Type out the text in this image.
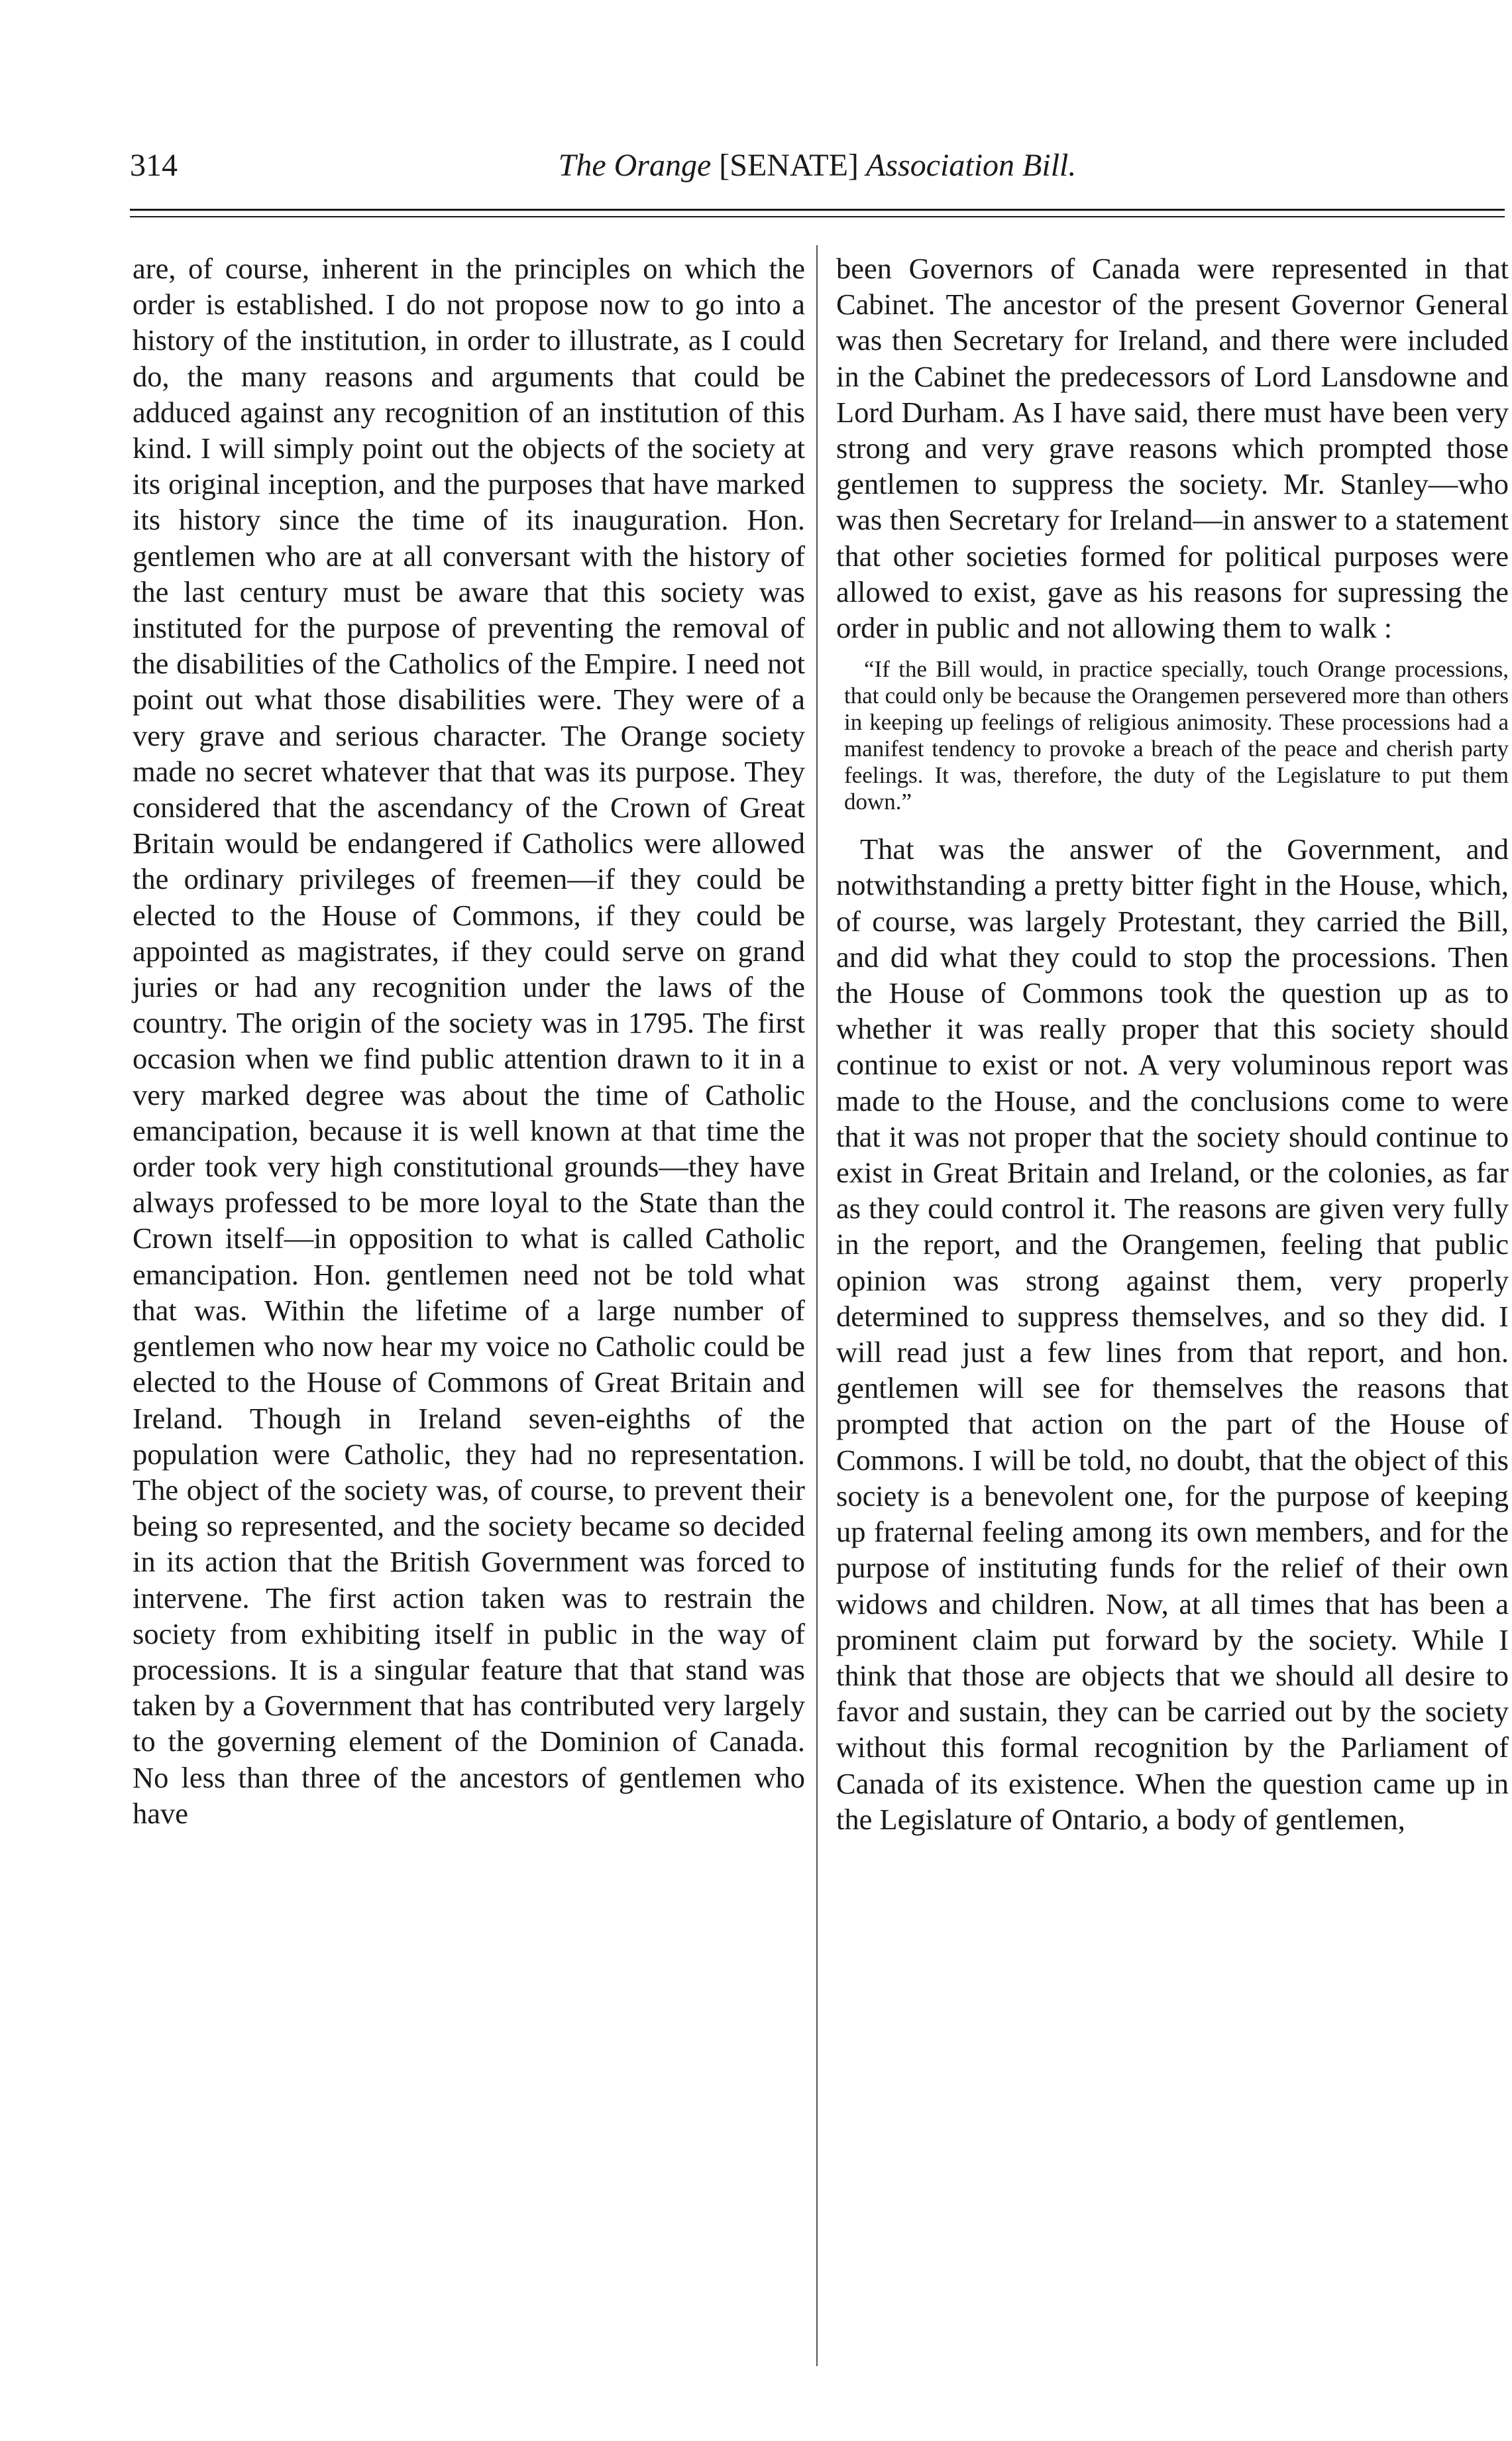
314	The Orange [SENATE] Association Bill.

are, of course, inherent in the principles on which the order is established. I do not propose now to go into a history of the institution, in order to illustrate, as I could do, the many reasons and arguments that could be adduced against any recognition of an institution of this kind. I will simply point out the objects of the society at its original inception, and the purposes that have marked its history since the time of its inauguration. Hon. gentlemen who are at all conversant with the history of the last century must be aware that this society was instituted for the purpose of preventing the removal of the disabilities of the Catholics of the Empire. I need not point out what those disabilities were. They were of a very grave and serious character. The Orange society made no secret whatever that that was its purpose. They considered that the ascendancy of the Crown of Great Britain would be endangered if Catholics were allowed the ordinary privileges of freemen—if they could be elected to the House of Commons, if they could be appointed as magistrates, if they could serve on grand juries or had any recognition under the laws of the country. The origin of the society was in 1795. The first occasion when we find public attention drawn to it in a very marked degree was about the time of Catholic emancipation, because it is well known at that time the order took very high constitutional grounds—they have always professed to be more loyal to the State than the Crown itself—in opposition to what is called Catholic emancipation. Hon. gentlemen need not be told what that was. Within the lifetime of a large number of gentlemen who now hear my voice no Catholic could be elected to the House of Commons of Great Britain and Ireland. Though in Ireland seven-eighths of the population were Catholic, they had no representation. The object of the society was, of course, to prevent their being so represented, and the society became so decided in its action that the British Government was forced to intervene. The first action taken was to restrain the society from exhibiting itself in public in the way of processions. It is a singular feature that that stand was taken by a Government that has contributed very largely to the governing element of the Dominion of Canada. No less than three of the ancestors of gentlemen who have

been Governors of Canada were represented in that Cabinet. The ancestor of the present Governor General was then Secretary for Ireland, and there were included in the Cabinet the predecessors of Lord Lansdowne and Lord Durham. As I have said, there must have been very strong and very grave reasons which prompted those gentlemen to suppress the society. Mr. Stanley—who was then Secretary for Ireland—in answer to a statement that other societies formed for political purposes were allowed to exist, gave as his reasons for supressing the order in public and not allowing them to walk :

“If the Bill would, in practice specially, touch Orange processions, that could only be because the Orangemen persevered more than others in keeping up feelings of religious animosity. These processions had a manifest tendency to provoke a breach of the peace and cherish party feelings. It was, therefore, the duty of the Legislature to put them down.”

That was the answer of the Government, and notwithstanding a pretty bitter fight in the House, which, of course, was largely Protestant, they carried the Bill, and did what they could to stop the processions. Then the House of Commons took the question up as to whether it was really proper that this society should continue to exist or not. A very voluminous report was made to the House, and the conclusions come to were that it was not proper that the society should continue to exist in Great Britain and Ireland, or the colonies, as far as they could control it. The reasons are given very fully in the report, and the Orangemen, feeling that public opinion was strong against them, very properly determined to suppress themselves, and so they did. I will read just a few lines from that report, and hon. gentlemen will see for themselves the reasons that prompted that action on the part of the House of Commons. I will be told, no doubt, that the object of this society is a benevolent one, for the purpose of keeping up fraternal feeling among its own members, and for the purpose of instituting funds for the relief of their own widows and children. Now, at all times that has been a prominent claim put forward by the society. While I think that those are objects that we should all desire to favor and sustain, they can be carried out by the society without this formal recognition by the Parliament of Canada of its existence. When the question came up in the Legislature of Ontario, a body of gentlemen,
